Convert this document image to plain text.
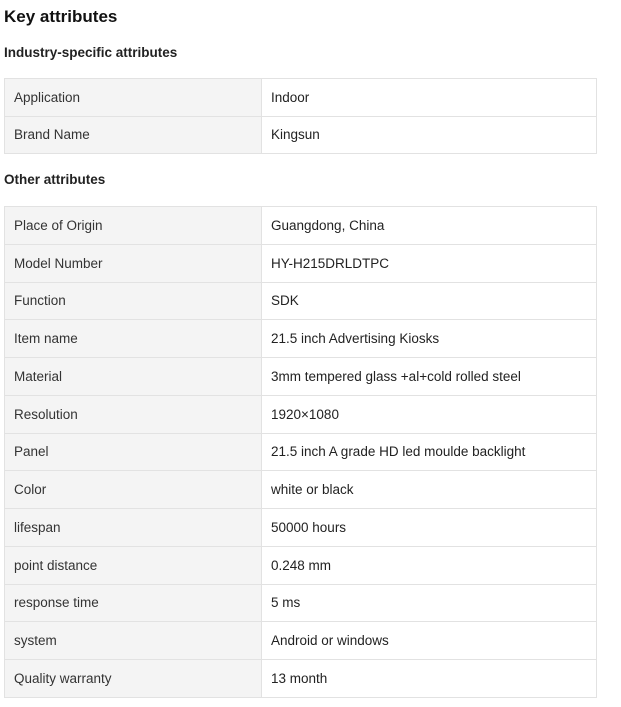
Key attributes
Industry-specific attributes
Application	Indoor
Brand Name	Kingsun
Other attributes
Place of Origin	Guangdong, China
Model Number	HY-H215DRLDTPC
Function	SDK
Item name	21.5 inch Advertising Kiosks
Material	3mm tempered glass +al+cold rolled steel
Resolution	1920×1080
Panel	21.5 inch A grade HD led moulde backlight
Color	white or black
lifespan	50000 hours
point distance	0.248 mm
response time	5 ms
system	Android or windows
Quality warranty	13 month
